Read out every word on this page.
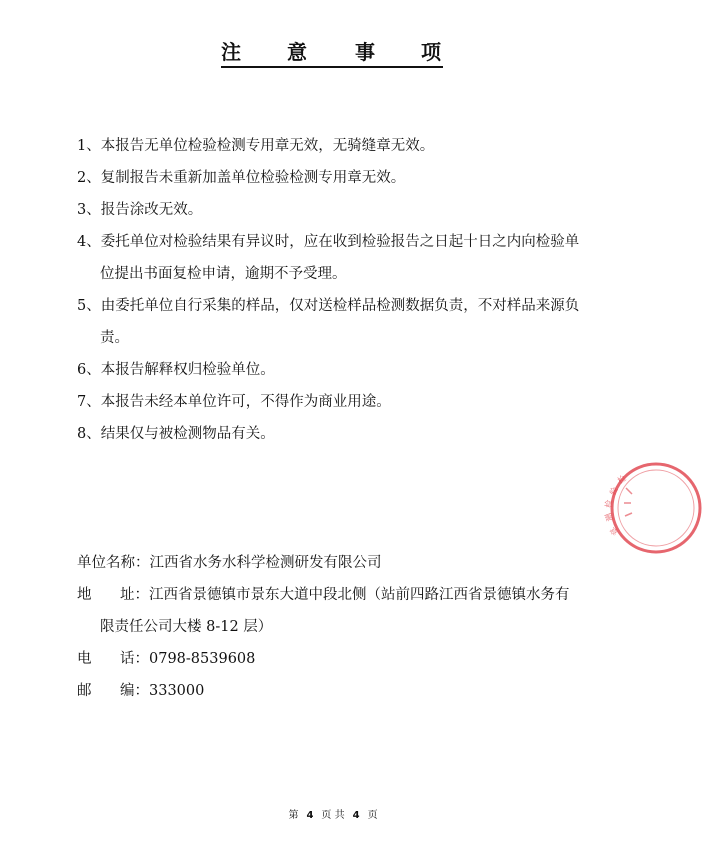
注 意 事 项
1、本报告无单位检验检测专用章无效，无骑缝章无效。
2、复制报告未重新加盖单位检验检测专用章无效。
3、报告涂改无效。
4、委托单位对检验结果有异议时，应在收到检验报告之日起十日之内向检验单
位提出书面复检申请，逾期不予受理。
5、由委托单位自行采集的样品，仅对送检样品检测数据负责，不对样品来源负
责。
6、本报告解释权归检验单位。
7、本报告未经本单位许可，不得作为商业用途。
8、结果仅与被检测物品有关。
单位名称：江西省水务水科学检测研发有限公司
地 址：江西省景德镇市景东大道中段北侧（站前四路江西省景德镇水务有
限责任公司大楼 8-12 层）
电 话：0798-8539608
邮 编：333000
第 4 页 共 4 页
检
验
检
测
章
